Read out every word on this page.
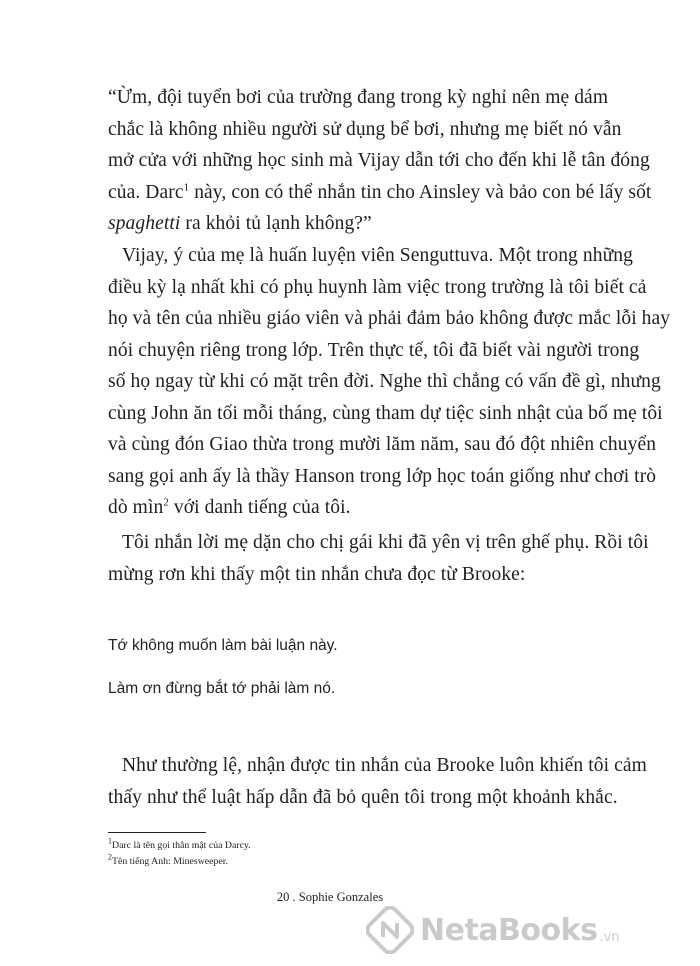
“Ừm, đội tuyển bơi của trường đang trong kỳ nghỉ nên mẹ dám
chắc là không nhiều người sử dụng bể bơi, nhưng mẹ biết nó vẫn
mở cửa với những học sinh mà Vijay dẫn tới cho đến khi lễ tân đóng
của. Darc$^1$ này, con có thể nhắn tin cho Ainsley và bảo con bé lấy sốt
spaghetti ra khỏi tủ lạnh không?”
Vijay, ý của mẹ là huấn luyện viên Senguttuva. Một trong những
điều kỳ lạ nhất khi có phụ huynh làm việc trong trường là tôi biết cả
họ và tên của nhiều giáo viên và phải đảm bảo không được mắc lỗi hay
nói chuyện riêng trong lớp. Trên thực tế, tôi đã biết vài người trong
số họ ngay từ khi có mặt trên đời. Nghe thì chẳng có vấn đề gì, nhưng
cùng John ăn tối mỗi tháng, cùng tham dự tiệc sinh nhật của bố mẹ tôi
và cùng đón Giao thừa trong mười lăm năm, sau đó đột nhiên chuyển
sang gọi anh ấy là thầy Hanson trong lớp học toán giống như chơi trò
dò mìn$^2$ với danh tiếng của tôi.
Tôi nhắn lời mẹ dặn cho chị gái khi đã yên vị trên ghế phụ. Rồi tôi
mừng rơn khi thấy một tin nhắn chưa đọc từ Brooke:
Tớ không muốn làm bài luận này.
Làm ơn đừng bắt tớ phải làm nó.
Như thường lệ, nhận được tin nhắn của Brooke luôn khiến tôi cảm
thấy như thể luật hấp dẫn đã bỏ quên tôi trong một khoảnh khắc.
$^1$Darc là tên gọi thân mật của Darcy.
$^2$Tên tiếng Anh: Minesweeper.
20 . Sophie Gonzales
NetaBooks .vn
